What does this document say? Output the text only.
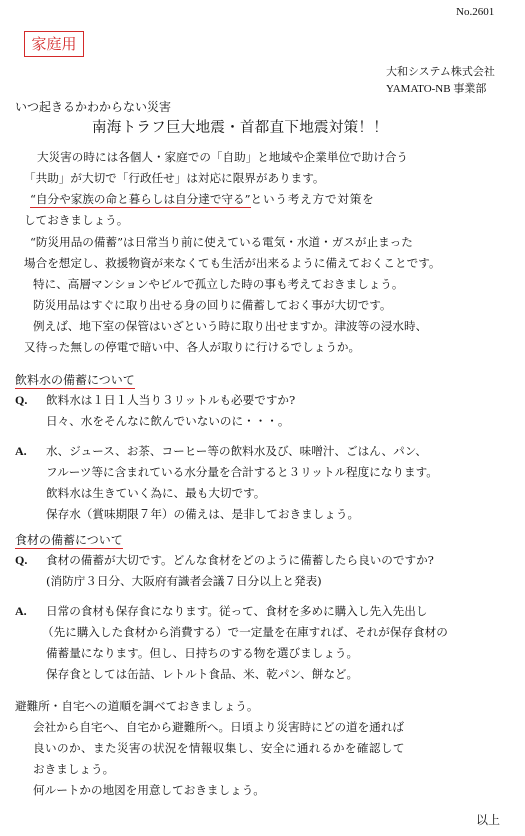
No.2601
家庭用
大和システム株式会社
YAMATO-NB 事業部
いつ起きるかわからない災害
南海トラフ巨大地震・首都直下地震対策！！
大災害の時には各個人・家庭での「自助」と地域や企業単位で助け合う
「共助」が大切で「行政任せ」は対応に限界があります。
“自分や家族の命と暮らしは自分達で守る”という考え方で対策を
しておきましょう。
“防災用品の備蓄”は日常当り前に使えている電気・水道・ガスが止まった
場合を想定し、救援物資が来なくても生活が出来るように備えておくことです。
特に、高層マンションやビルで孤立した時の事も考えておきましょう。
防災用品はすぐに取り出せる身の回りに備蓄しておく事が大切です。
例えば、地下室の保管はいざという時に取り出せますか。津波等の浸水時、
又待った無しの停電で暗い中、各人が取りに行けるでしょうか。
飲料水の備蓄について
Q. 飲料水は１日１人当り３リットルも必要ですか?
日々、水をそんなに飲んでいないのに・・・。
A. 水、ジュース、お茶、コーヒー等の飲料水及び、味噌汁、ごはん、パン、
フルーツ等に含まれている水分量を合計すると３リットル程度になります。
飲料水は生きていく為に、最も大切です。
保存水（賞味期限７年）の備えは、是非しておきましょう。
食材の備蓄について
Q. 食材の備蓄が大切です。どんな食材をどのように備蓄したら良いのですか?
(消防庁３日分、大阪府有識者会議７日分以上と発表)
A. 日常の食材も保存食になります。従って、食材を多めに購入し先入先出し
（先に購入した食材から消費する）で一定量を在庫すれば、それが保存食材の
備蓄量になります。但し、日持ちのする物を選びましょう。
保存食としては缶詰、レトルト食品、米、乾パン、餅など。
避難所・自宅への道順を調べておきましょう。
会社から自宅へ、自宅から避難所へ。日頃より災害時にどの道を通れば
良いのか、また災害の状況を情報収集し、安全に通れるかを確認して
おきましょう。
何ルートかの地図を用意しておきましょう。
以上
